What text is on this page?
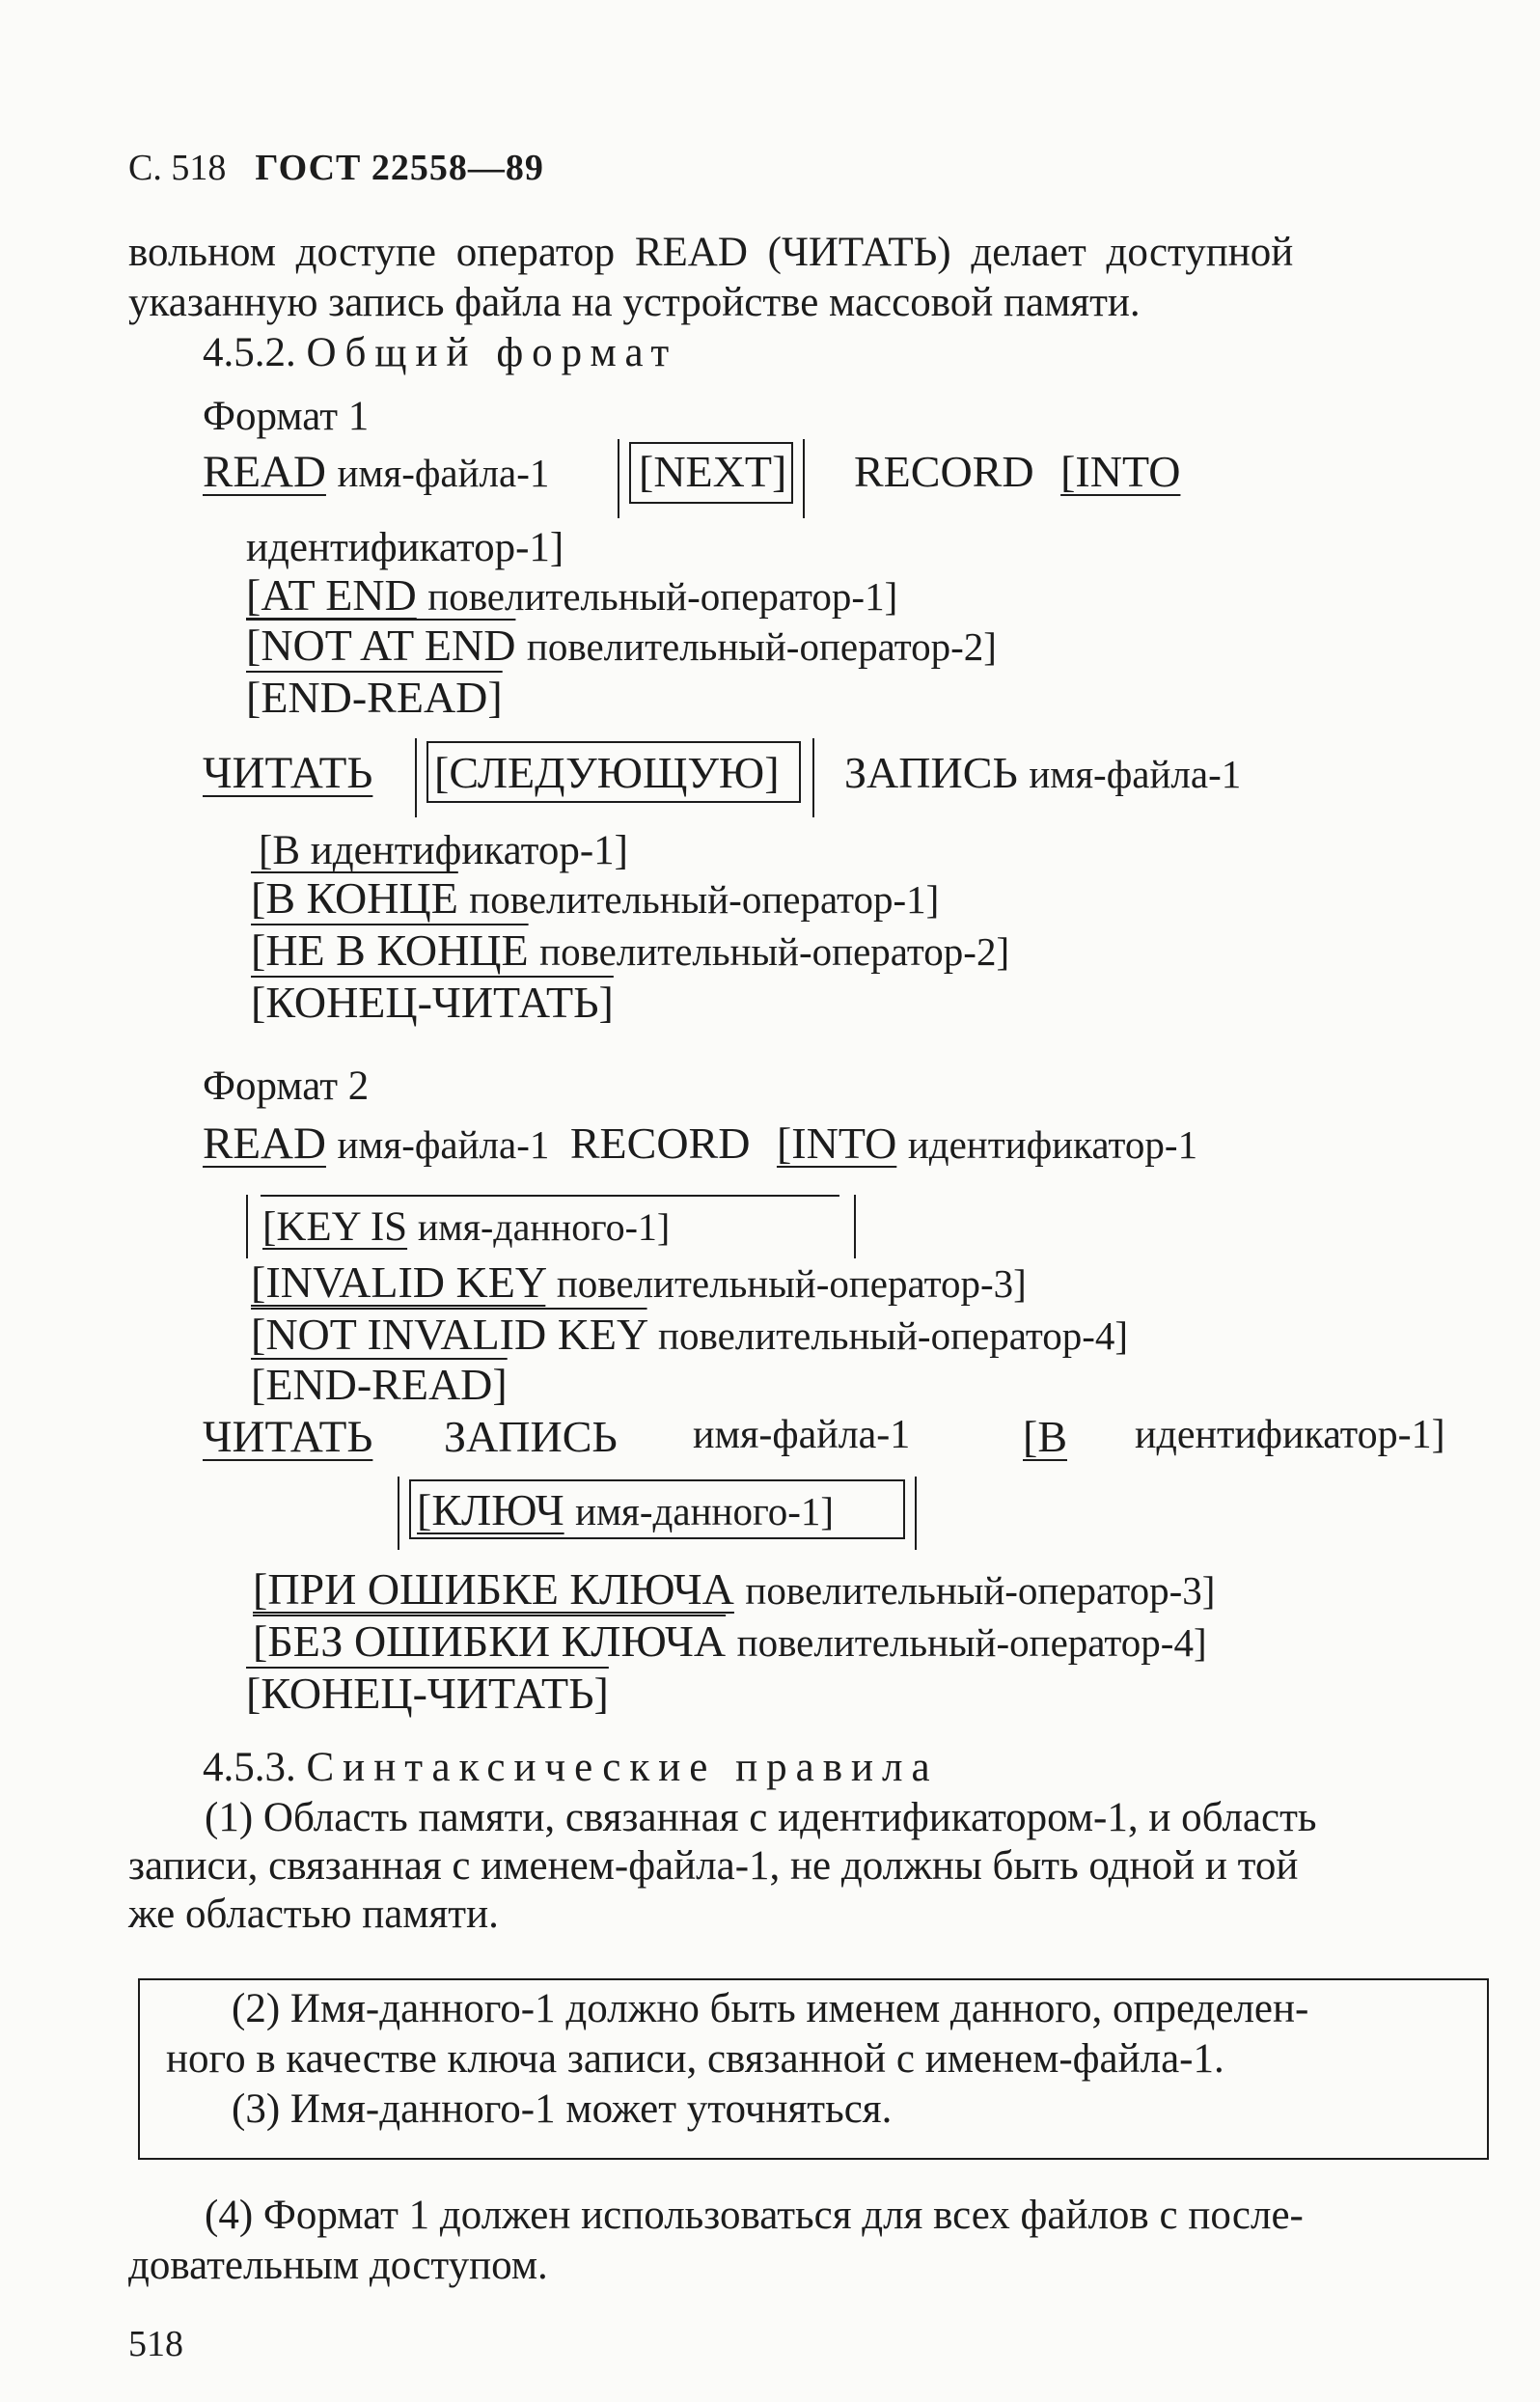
С. 518 ГОСТ 22558—89
вольном доступе оператор READ (ЧИТАТЬ) делает доступной
указанную запись файла на устройстве массовой памяти.
4.5.2. Общий формат
Формат 1
READ имя-файла-1 [NEXT] RECORD [INTO
идентификатор-1]
[AT END повелительный-оператор-1]
[NOT AT END повелительный-оператор-2]
[END-READ]
ЧИТАТЬ [СЛЕДУЮЩУЮ] ЗАПИСЬ имя-файла-1
[В идентификатор-1]
[В КОНЦЕ повелительный-оператор-1]
[НЕ В КОНЦЕ повелительный-оператор-2]
[КОНЕЦ-ЧИТАТЬ]
Формат 2
READ имя-файла-1 RECORD [INTO идентификатор-1
[KEY IS имя-данного-1]
[INVALID KEY повелительный-оператор-3]
[NOT INVALID KEY повелительный-оператор-4]
[END-READ]
ЧИТАТЬ ЗАПИСЬ имя-файла-1	[В идентификатор-1]
[КЛЮЧ имя-данного-1]
[ПРИ ОШИБКЕ КЛЮЧА повелительный-оператор-3]
[БЕЗ ОШИБКИ КЛЮЧА повелительный-оператор-4]
[КОНЕЦ-ЧИТАТЬ]
4.5.3. Синтаксические правила
(1) Область памяти, связанная с идентификатором-1, и область
записи, связанная с именем-файла-1, не должны быть одной и той
же областью памяти.
(2) Имя-данного-1 должно быть именем данного, определен-
ного в качестве ключа записи, связанной с именем-файла-1.
(3) Имя-данного-1 может уточняться.
(4) Формат 1 должен использоваться для всех файлов с после-
довательным доступом.
518
